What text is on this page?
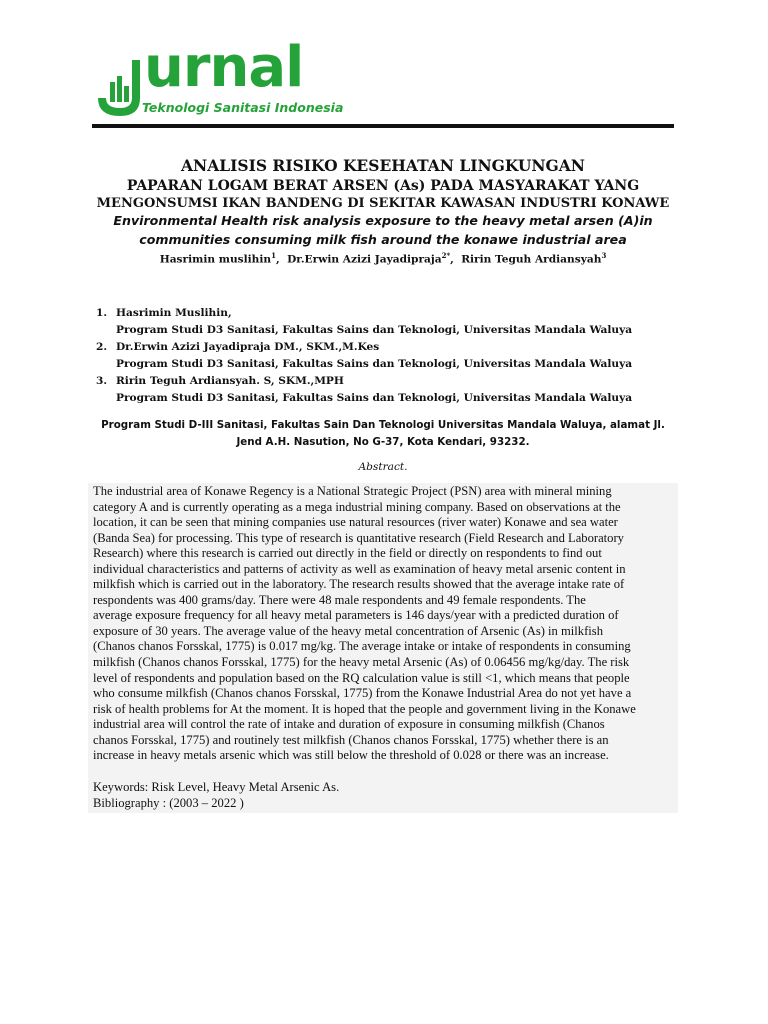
urnal
Teknologi Sanitasi Indonesia
ANALISIS RISIKO KESEHATAN LINGKUNGAN
PAPARAN LOGAM BERAT ARSEN (As) PADA MASYARAKAT YANG
MENGONSUMSI IKAN BANDENG DI SEKITAR KAWASAN INDUSTRI KONAWE
Environmental Health risk analysis exposure to the heavy metal arsen (A)in
communities consuming milk fish around the konawe industrial area
Hasrimin muslihin$^1$,  Dr.Erwin Azizi Jayadipraja$^{2*}$,  Ririn Teguh Ardiansyah$^3$
1. Hasrimin Muslihin,
Program Studi D3 Sanitasi, Fakultas Sains dan Teknologi, Universitas Mandala Waluya
2. Dr.Erwin Azizi Jayadipraja DM., SKM.,M.Kes
Program Studi D3 Sanitasi, Fakultas Sains dan Teknologi, Universitas Mandala Waluya
3. Ririn Teguh Ardiansyah. S, SKM.,MPH
Program Studi D3 Sanitasi, Fakultas Sains dan Teknologi, Universitas Mandala Waluya
Program Studi D-III Sanitasi, Fakultas Sain Dan Teknologi Universitas Mandala Waluya, alamat Jl.
Jend A.H. Nasution, No G-37, Kota Kendari, 93232.
Abstract.
The industrial area of Konawe Regency is a National Strategic Project (PSN) area with mineral mining
category A and is currently operating as a mega industrial mining company. Based on observations at the
location, it can be seen that mining companies use natural resources (river water) Konawe and sea water
(Banda Sea) for processing. This type of research is quantitative research (Field Research and Laboratory
Research) where this research is carried out directly in the field or directly on respondents to find out
individual characteristics and patterns of activity as well as examination of heavy metal arsenic content in
milkfish which is carried out in the laboratory. The research results showed that the average intake rate of
respondents was 400 grams/day. There were 48 male respondents and 49 female respondents. The
average exposure frequency for all heavy metal parameters is 146 days/year with a predicted duration of
exposure of 30 years. The average value of the heavy metal concentration of Arsenic (As) in milkfish
(Chanos chanos Forsskal, 1775) is 0.017 mg/kg. The average intake or intake of respondents in consuming
milkfish (Chanos chanos Forsskal, 1775) for the heavy metal Arsenic (As) of 0.06456 mg/kg/day. The risk
level of respondents and population based on the RQ calculation value is still <1, which means that people
who consume milkfish (Chanos chanos Forsskal, 1775) from the Konawe Industrial Area do not yet have a
risk of health problems for At the moment. It is hoped that the people and government living in the Konawe
industrial area will control the rate of intake and duration of exposure in consuming milkfish (Chanos
chanos Forsskal, 1775) and routinely test milkfish (Chanos chanos Forsskal, 1775) whether there is an
increase in heavy metals arsenic which was still below the threshold of 0.028 or there was an increase.
Keywords: Risk Level, Heavy Metal Arsenic As.
Bibliography : (2003 – 2022 )
